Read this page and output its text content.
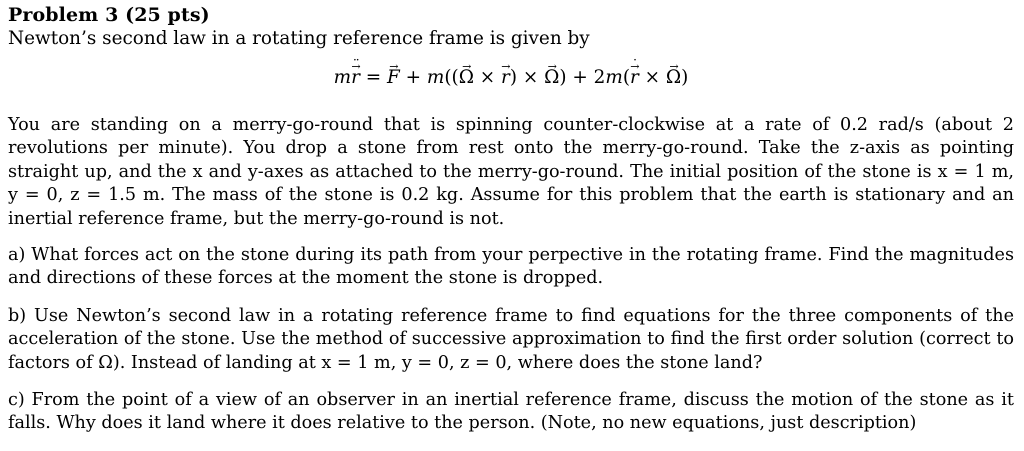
Problem 3 (25 pts)
Newton’s second law in a rotating reference frame is given by
mr
··
→ = F → + m((Ω → × r →) × Ω →) + 2m(r
·
→ × Ω →)

You are standing on a merry-go-round that is spinning counter-clockwise at a rate of 0.2 rad/s (about 2 revolutions per minute). You drop a stone from rest onto the merry-go-round. Take the z-axis as pointing straight up, and the x and y-axes as attached to the merry-go-round. The initial position of the stone is x = 1 m, y = 0, z = 1.5 m. The mass of the stone is 0.2 kg. Assume for this problem that the earth is stationary and an inertial reference frame, but the merry-go-round is not.

a) What forces act on the stone during its path from your perpective in the rotating frame. Find the magnitudes and directions of these forces at the moment the stone is dropped.

b) Use Newton’s second law in a rotating reference frame to find equations for the three components of the acceleration of the stone. Use the method of successive approximation to find the first order solution (correct to factors of Ω). Instead of landing at x = 1 m, y = 0, z = 0, where does the stone land?

c) From the point of a view of an observer in an inertial reference frame, discuss the motion of the stone as it falls. Why does it land where it does relative to the person. (Note, no new equations, just description)
